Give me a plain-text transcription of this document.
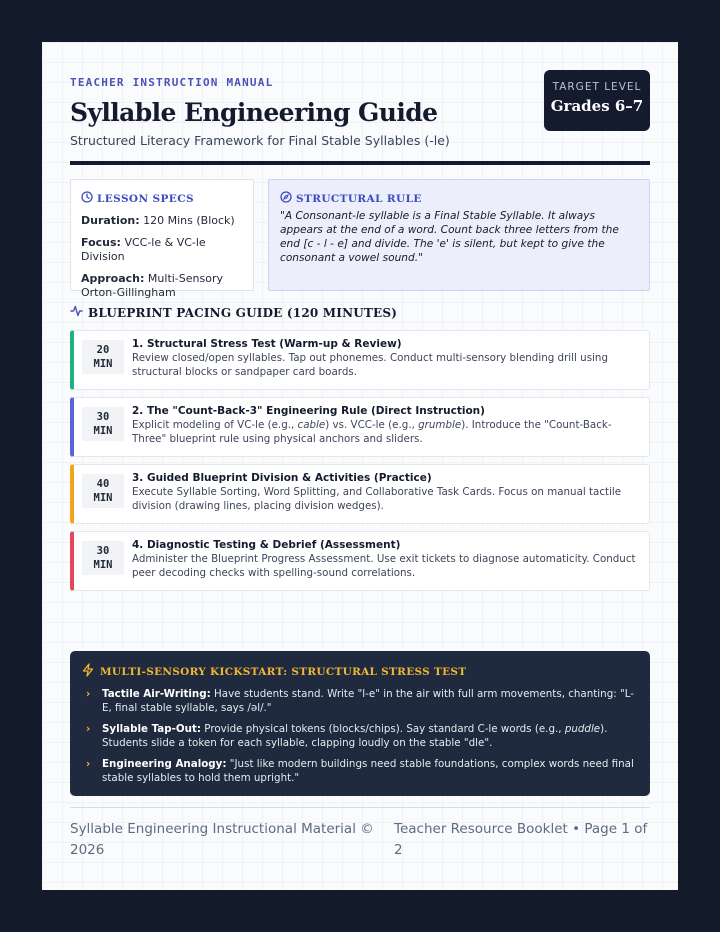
TEACHER INSTRUCTION MANUAL
Syllable Engineering Guide
Structured Literacy Framework for Final Stable Syllables (-le)
TARGET LEVEL
Grades 6–7
LESSON SPECS
Duration: 120 Mins (Block)
Focus: VCC-le & VC-le Division
Approach: Multi-Sensory Orton-Gillingham
STRUCTURAL RULE
"A Consonant-le syllable is a Final Stable Syllable. It always appears at the end of a word. Count back three letters from the end [c - l - e] and divide. The 'e' is silent, but kept to give the consonant a vowel sound."
BLUEPRINT PACING GUIDE (120 MINUTES)
20
MIN
1. Structural Stress Test (Warm-up & Review)
Review closed/open syllables. Tap out phonemes. Conduct multi-sensory blending drill using structural blocks or sandpaper card boards.
30
MIN
2. The "Count-Back-3" Engineering Rule (Direct Instruction)
Explicit modeling of VC-le (e.g., cable) vs. VCC-le (e.g., grumble). Introduce the "Count-Back-Three" blueprint rule using physical anchors and sliders.
40
MIN
3. Guided Blueprint Division & Activities (Practice)
Execute Syllable Sorting, Word Splitting, and Collaborative Task Cards. Focus on manual tactile division (drawing lines, placing division wedges).
30
MIN
4. Diagnostic Testing & Debrief (Assessment)
Administer the Blueprint Progress Assessment. Use exit tickets to diagnose automaticity. Conduct peer decoding checks with spelling-sound correlations.
MULTI-SENSORY KICKSTART: STRUCTURAL STRESS TEST
› Tactile Air-Writing: Have students stand. Write "l-e" in the air with full arm movements, chanting: "L-E, final stable syllable, says /əl/."
› Syllable Tap-Out: Provide physical tokens (blocks/chips). Say standard C-le words (e.g., puddle). Students slide a token for each syllable, clapping loudly on the stable "dle".
› Engineering Analogy: "Just like modern buildings need stable foundations, complex words need final stable syllables to hold them upright."
Syllable Engineering Instructional Material © 2026
Teacher Resource Booklet • Page 1 of 2
